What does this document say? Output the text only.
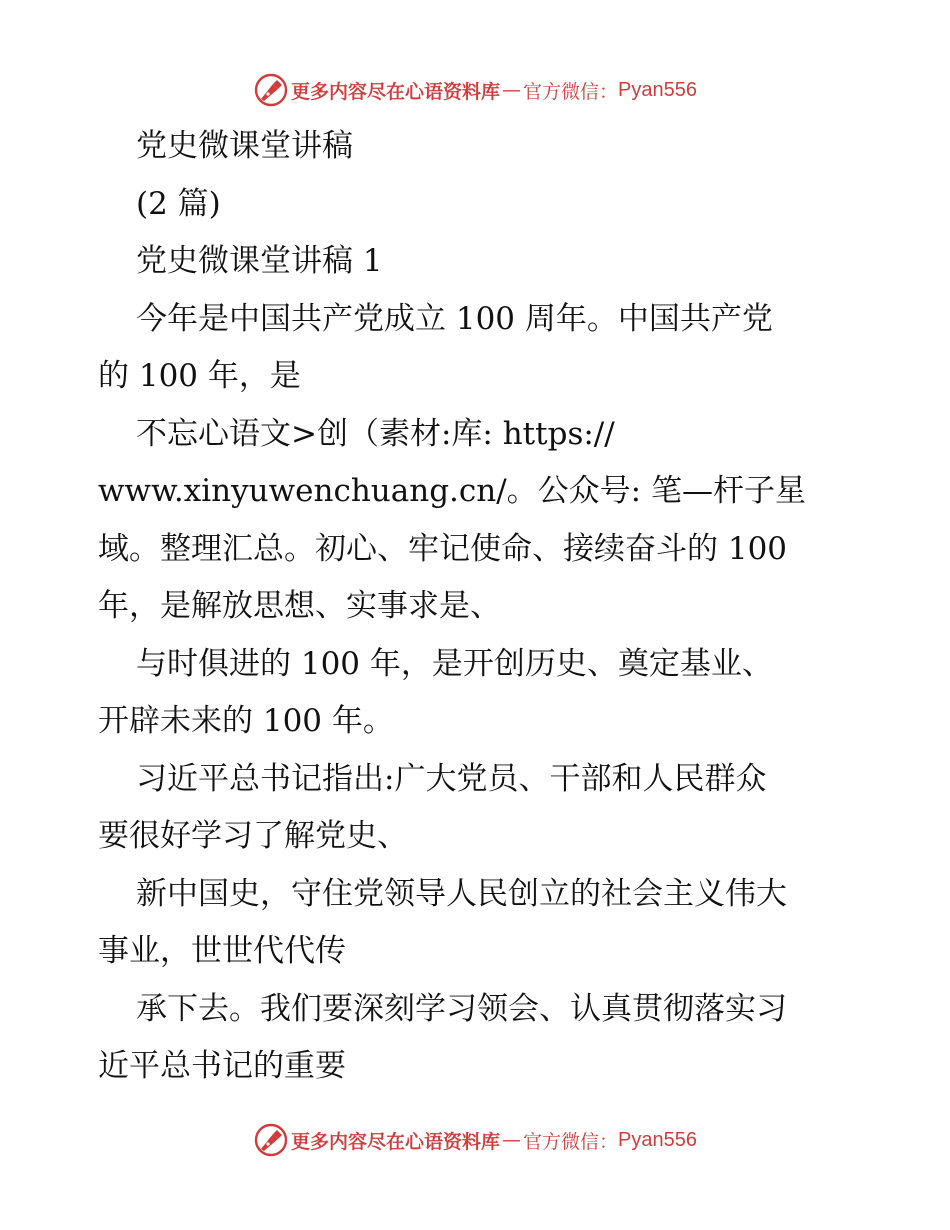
更多内容尽在心语资料库 — 官方微信： Pyan556
党史微课堂讲稿
(2 篇)
党史微课堂讲稿 1
今年是中国共产党成立 100 周年。中国共产党
的 100 年，是
不忘心语文>创（素材:库: https://
www.xinyuwenchuang.cn/。公众号: 笔—杆子星
域。整理汇总。初心、牢记使命、接续奋斗的 100
年，是解放思想、实事求是、
与时俱进的 100 年，是开创历史、奠定基业、
开辟未来的 100 年。
习近平总书记指出:广大党员、干部和人民群众
要很好学习了解党史、
新中国史，守住党领导人民创立的社会主义伟大
事业，世世代代传
承下去。我们要深刻学习领会、认真贯彻落实习
近平总书记的重要
更多内容尽在心语资料库 — 官方微信： Pyan556
